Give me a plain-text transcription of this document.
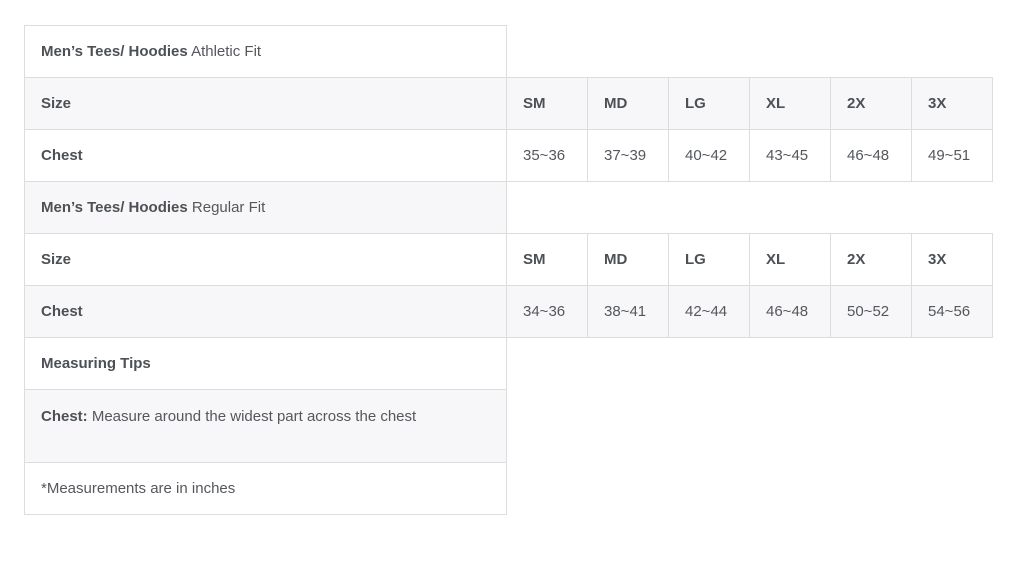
Men’s Tees/ Hoodies Athletic Fit						
Size	SM	MD	LG	XL	2X	3X
Chest	35~36	37~39	40~42	43~45	46~48	49~51
Men’s Tees/ Hoodies Regular Fit						
Size	SM	MD	LG	XL	2X	3X
Chest	34~36	38~41	42~44	46~48	50~52	54~56
Measuring Tips						
Chest: Measure around the widest part across the chest						
*Measurements are in inches						
